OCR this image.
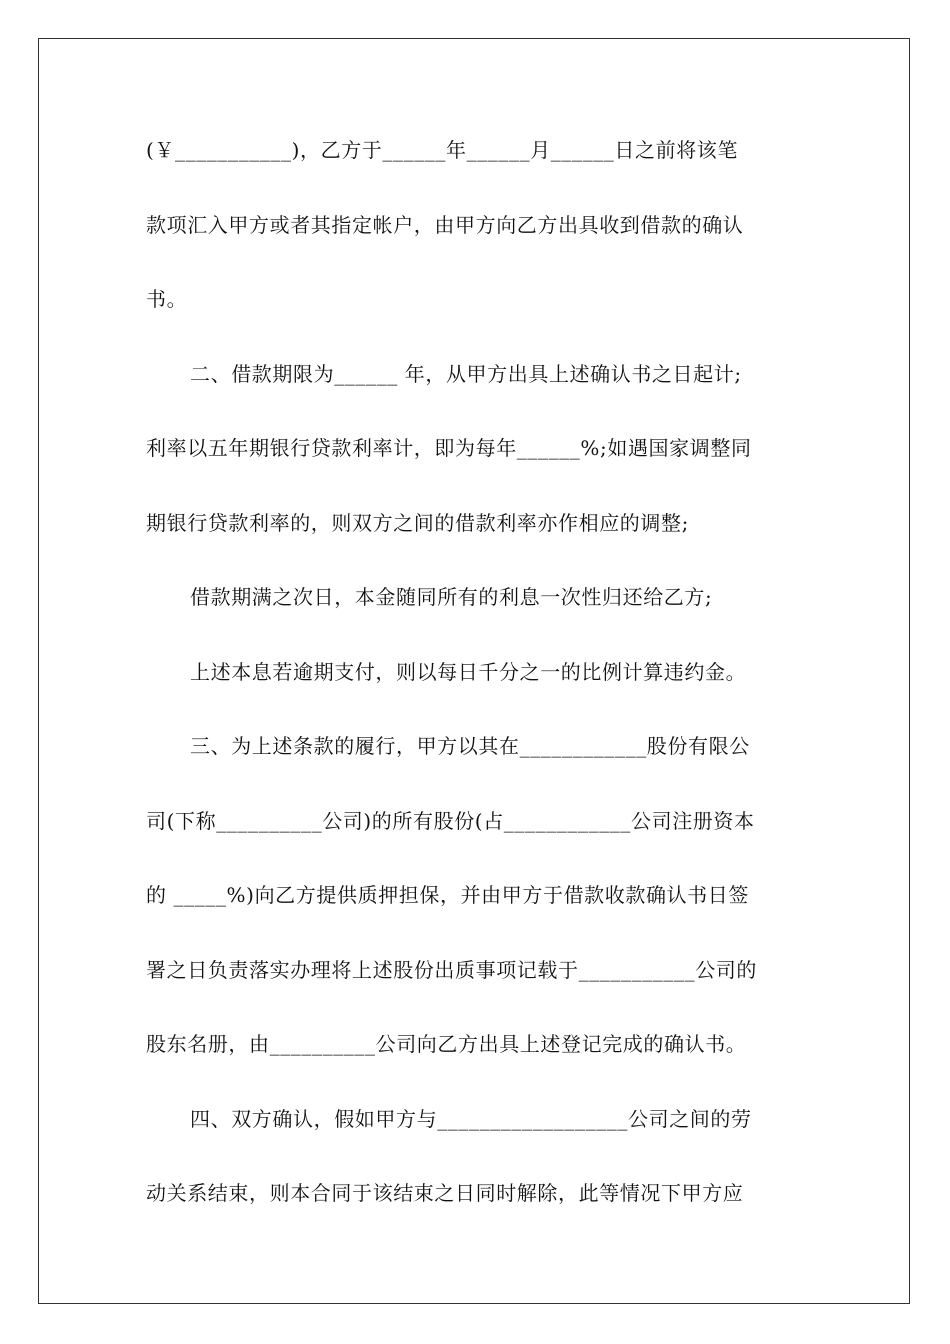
(￥___________)，乙方于______年______月______日之前将该笔
款项汇入甲方或者其指定帐户，由甲方向乙方出具收到借款的确认
书。
二、借款期限为______ 年，从甲方出具上述确认书之日起计;
利率以五年期银行贷款利率计，即为每年______%;如遇国家调整同
期银行贷款利率的，则双方之间的借款利率亦作相应的调整;
借款期满之次日，本金随同所有的利息一次性归还给乙方;
上述本息若逾期支付，则以每日千分之一的比例计算违约金。
三、为上述条款的履行，甲方以其在____________股份有限公
司(下称__________公司)的所有股份(占____________公司注册资本
的 _____%)向乙方提供质押担保，并由甲方于借款收款确认书日签
署之日负责落实办理将上述股份出质事项记载于___________公司的
股东名册，由__________公司向乙方出具上述登记完成的确认书。
四、双方确认，假如甲方与__________________公司之间的劳
动关系结束，则本合同于该结束之日同时解除，此等情况下甲方应
